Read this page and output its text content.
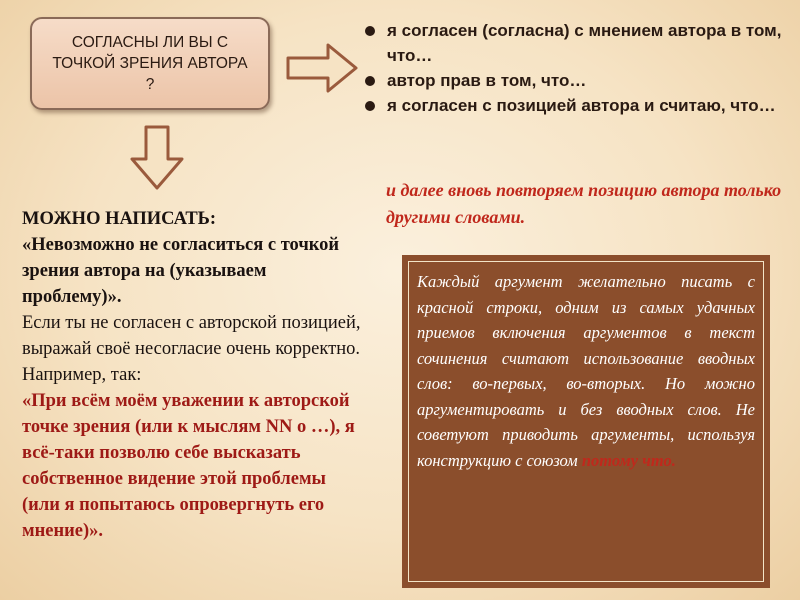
СОГЛАСНЫ ЛИ ВЫ С ТОЧКОЙ ЗРЕНИЯ АВТОРА ?
я согласен (согласна) с мнением автора в том, что…
автор прав в том, что…
я согласен с позицией автора и считаю, что…
и далее вновь повторяем позицию автора только другими словами.
МОЖНО НАПИСАТЬ:
«Невозможно не согласиться с точкой зрения автора на (указываем проблему)».
Если ты не согласен с авторской позицией, выражай своё несогласие очень корректно. Например, так:
«При всём моём уважении к авторской точке зрения (или к мыслям NN о …), я всё-таки позволю себе высказать собственное видение этой проблемы (или я попытаюсь опровергнуть его мнение)».
Каждый аргумент желательно писать с красной строки, одним из самых удачных приемов включения аргументов в текст сочинения считают использование вводных слов: во-первых, во-вторых. Но можно аргументировать и без вводных слов. Не советуют приводить аргументы, используя конструкцию с союзом потому что.
